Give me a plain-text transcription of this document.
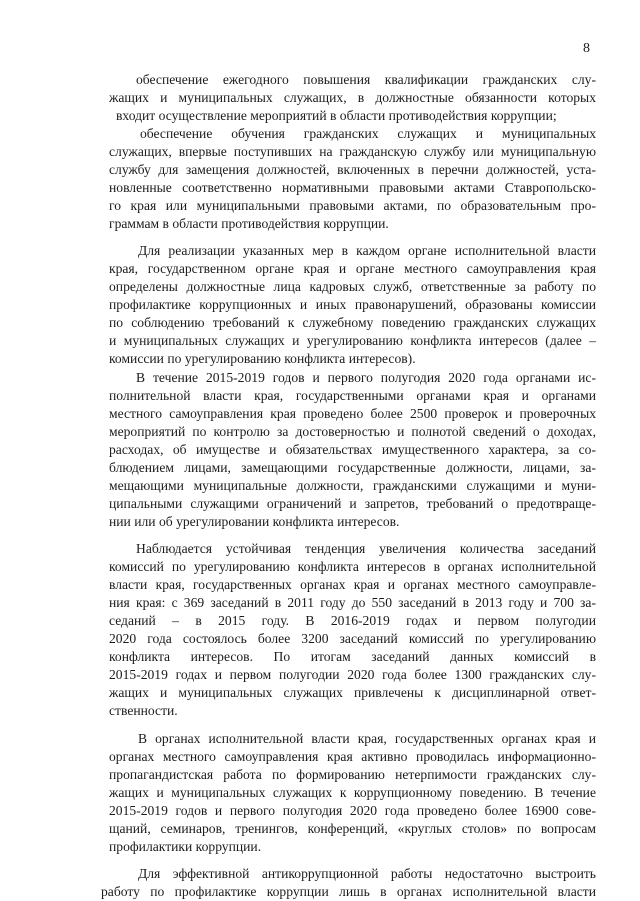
8
обеспечение ежегодного повышения квалификации гражданских слу-
жащих и муниципальных служащих, в должностные обязанности которых
входит осуществление мероприятий в области противодействия коррупции;
обеспечение обучения гражданских служащих и муниципальных
служащих, впервые поступивших на гражданскую службу или муниципальную
службу для замещения должностей, включенных в перечни должностей, уста-
новленные соответственно нормативными правовыми актами Ставропольско-
го края или муниципальными правовыми актами, по образовательным про-
граммам в области противодействия коррупции.
Для реализации указанных мер в каждом органе исполнительной власти
края, государственном органе края и органе местного самоуправления края
определены должностные лица кадровых служб, ответственные за работу по
профилактике коррупционных и иных правонарушений, образованы комиссии
по соблюдению требований к служебному поведению гражданских служащих
и муниципальных служащих и урегулированию конфликта интересов (далее –
комиссии по урегулированию конфликта интересов).
В течение 2015-2019 годов и первого полугодия 2020 года органами ис-
полнительной власти края, государственными органами края и органами
местного самоуправления края проведено более 2500 проверок и проверочных
мероприятий по контролю за достоверностью и полнотой сведений о доходах,
расходах, об имуществе и обязательствах имущественного характера, за со-
блюдением лицами, замещающими государственные должности, лицами, за-
мещающими муниципальные должности, гражданскими служащими и муни-
ципальными служащими ограничений и запретов, требований о предотвраще-
нии или об урегулировании конфликта интересов.
Наблюдается устойчивая тенденция увеличения количества заседаний
комиссий по урегулированию конфликта интересов в органах исполнительной
власти края, государственных органах края и органах местного самоуправле-
ния края: с 369 заседаний в 2011 году до 550 заседаний в 2013 году и 700 за-
седаний – в 2015 году. В 2016-2019 годах и первом полугодии
2020 года состоялось более 3200 заседаний комиссий по урегулированию
конфликта интересов. По итогам заседаний данных комиссий в
2015-2019 годах и первом полугодии 2020 года более 1300 гражданских слу-
жащих и муниципальных служащих привлечены к дисциплинарной ответ-
ственности.
В органах исполнительной власти края, государственных органах края и
органах местного самоуправления края активно проводилась информационно-
пропагандистская работа по формированию нетерпимости гражданских слу-
жащих и муниципальных служащих к коррупционному поведению. В течение
2015-2019 годов и первого полугодия 2020 года проведено более 16900 сове-
щаний, семинаров, тренингов, конференций, «круглых столов» по вопросам
профилактики коррупции.
Для эффективной антикоррупционной работы недостаточно выстроить
работу по профилактике коррупции лишь в органах исполнительной власти
